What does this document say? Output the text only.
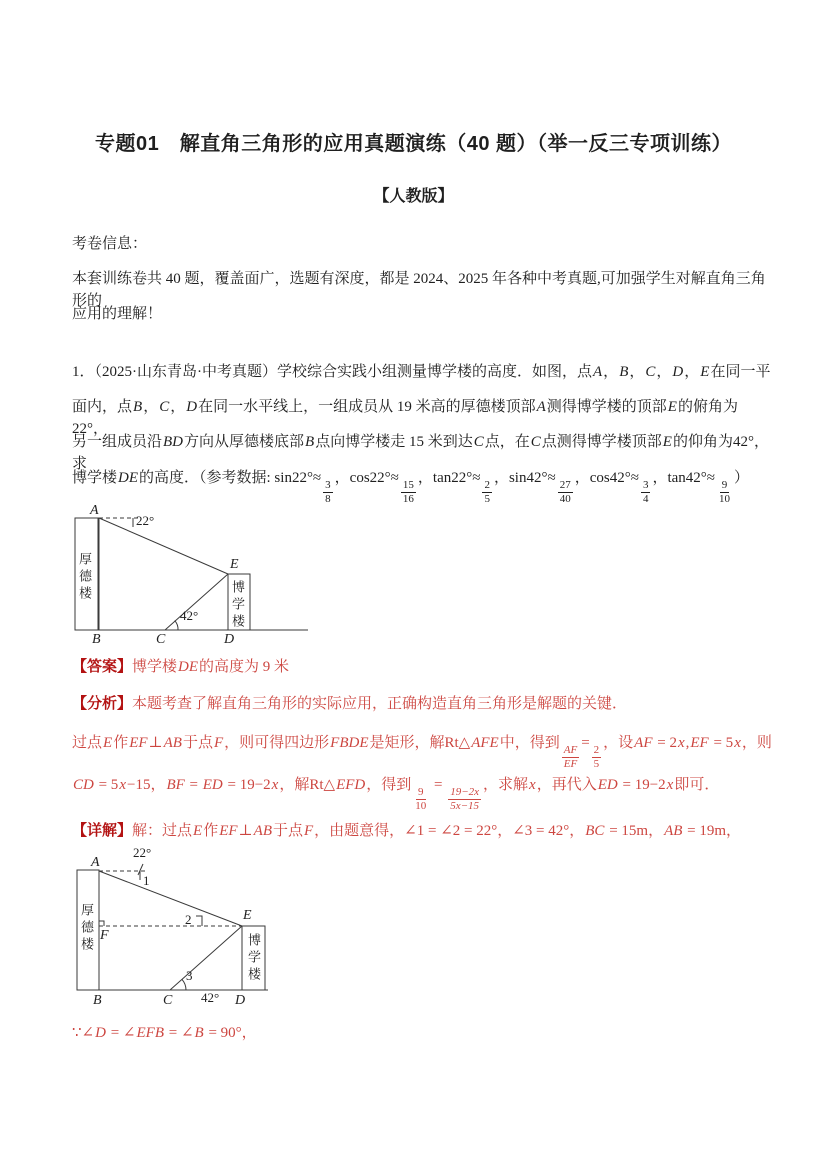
专题01　解直角三角形的应用真题演练（40 题）（举一反三专项训练）
【人教版】
考卷信息：
本套训练卷共 40 题，覆盖面广，选题有深度，都是 2024、2025 年各种中考真题,可加强学生对解直角三角形的
应用的理解！
1．（2025·山东青岛·中考真题）学校综合实践小组测量博学楼的高度．如图，点A，B，C，D，E在同一平
面内，点B，C，D在同一水平线上，一组成员从 19 米高的厚德楼顶部A测得博学楼的顶部E的俯角为22°，
另一组成员沿BD方向从厚德楼底部B点向博学楼走 15 米到达C点，在C点测得博学楼顶部E的仰角为42°，求
博学楼DE的高度．（参考数据: sin22°≈
$\frac{3}{8}$
，cos22°≈
$\frac{15}{16}$
，tan22°≈
$\frac{2}{5}$
，sin42°≈
$\frac{27}{40}$
，cos42°≈
$\frac{3}{4}$
，tan42°≈
$\frac{9}{10}$
）
A
22°
厚德楼	E
博学楼
42°
B	C	D
【答案】博学楼DE的高度为 9 米
【分析】本题考查了解直角三角形的实际应用，正确构造直角三角形是解题的关键．
过点E作EF⊥AB于点F，则可得四边形FBDE是矩形，解Rt△AFE中，得到
$\frac{AF}{EF}$
=
$\frac{2}{5}$
，设AF = 2x,EF = 5x，则
CD = 5x−15，BF = ED = 19−2x，解Rt△EFD，得到
$\frac{9}{10}$
=
$\frac{19-2x}{5x-15}$
，求解x，再代入ED = 19−2x即可．
【详解】解：过点E作EF⊥AB于点F，由题意得，∠1 = ∠2 = 22°，∠3 = 42°，BC = 15m，AB = 19m，
22°
A
1
厚德楼	E
2
F	博学楼
3
42°
B	C	D
∵∠D = ∠EFB = ∠B = 90°，
